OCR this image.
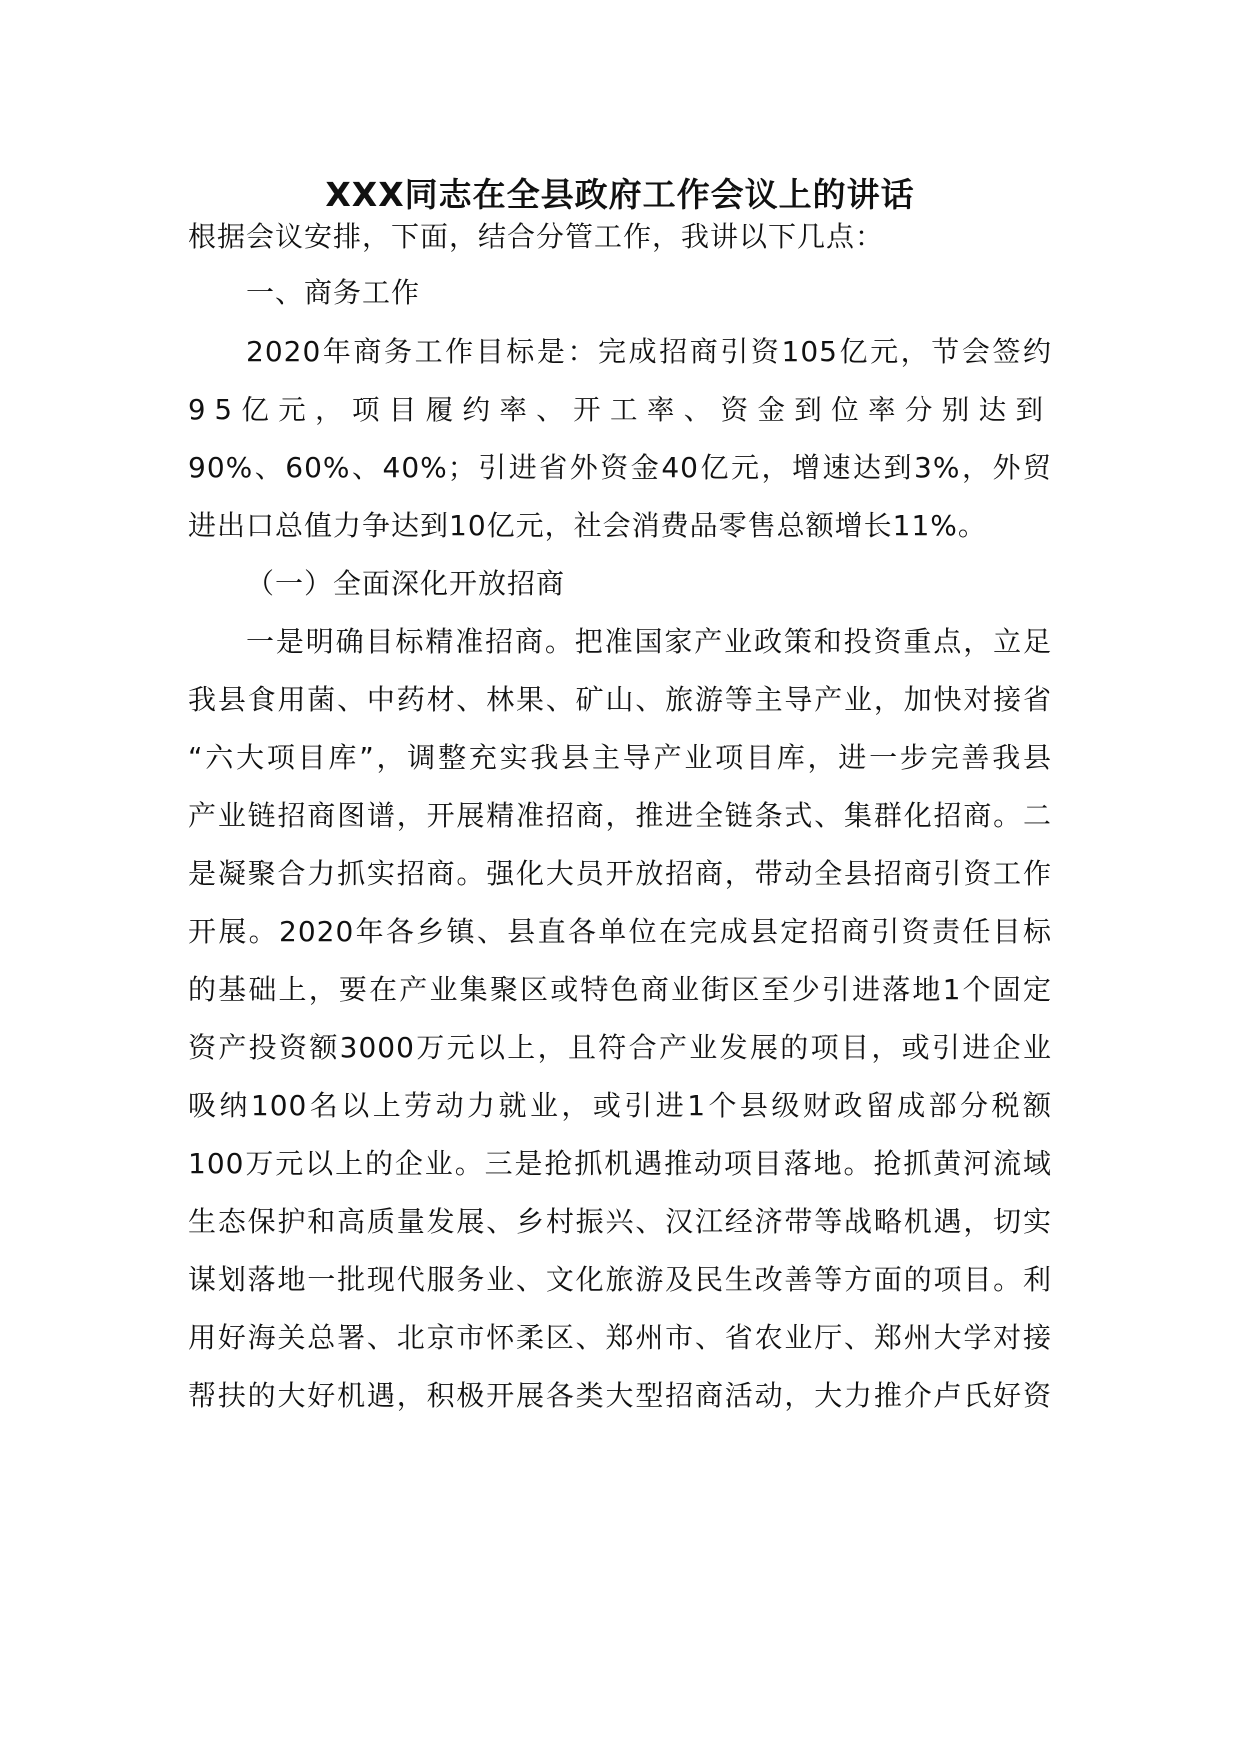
XXX同志在全县政府工作会议上的讲话
根据会议安排，下面，结合分管工作，我讲以下几点：
一、商务工作
2020年商务工作目标是：完成招商引资105亿元，节会签约
95亿元，项目履约率、开工率、资金到位率分别达到
90%、60%、40%；引进省外资金40亿元，增速达到3%，外贸
进出口总值力争达到10亿元，社会消费品零售总额增长11%。
（一）全面深化开放招商
一是明确目标精准招商。把准国家产业政策和投资重点，立足
我县食用菌、中药材、林果、矿山、旅游等主导产业，加快对接省
“六大项目库”，调整充实我县主导产业项目库，进一步完善我县
产业链招商图谱，开展精准招商，推进全链条式、集群化招商。二
是凝聚合力抓实招商。强化大员开放招商，带动全县招商引资工作
开展。2020年各乡镇、县直各单位在完成县定招商引资责任目标
的基础上，要在产业集聚区或特色商业街区至少引进落地1个固定
资产投资额3000万元以上，且符合产业发展的项目，或引进企业
吸纳100名以上劳动力就业，或引进1个县级财政留成部分税额
100万元以上的企业。三是抢抓机遇推动项目落地。抢抓黄河流域
生态保护和高质量发展、乡村振兴、汉江经济带等战略机遇，切实
谋划落地一批现代服务业、文化旅游及民生改善等方面的项目。利
用好海关总署、北京市怀柔区、郑州市、省农业厅、郑州大学对接
帮扶的大好机遇，积极开展各类大型招商活动，大力推介卢氏好资
